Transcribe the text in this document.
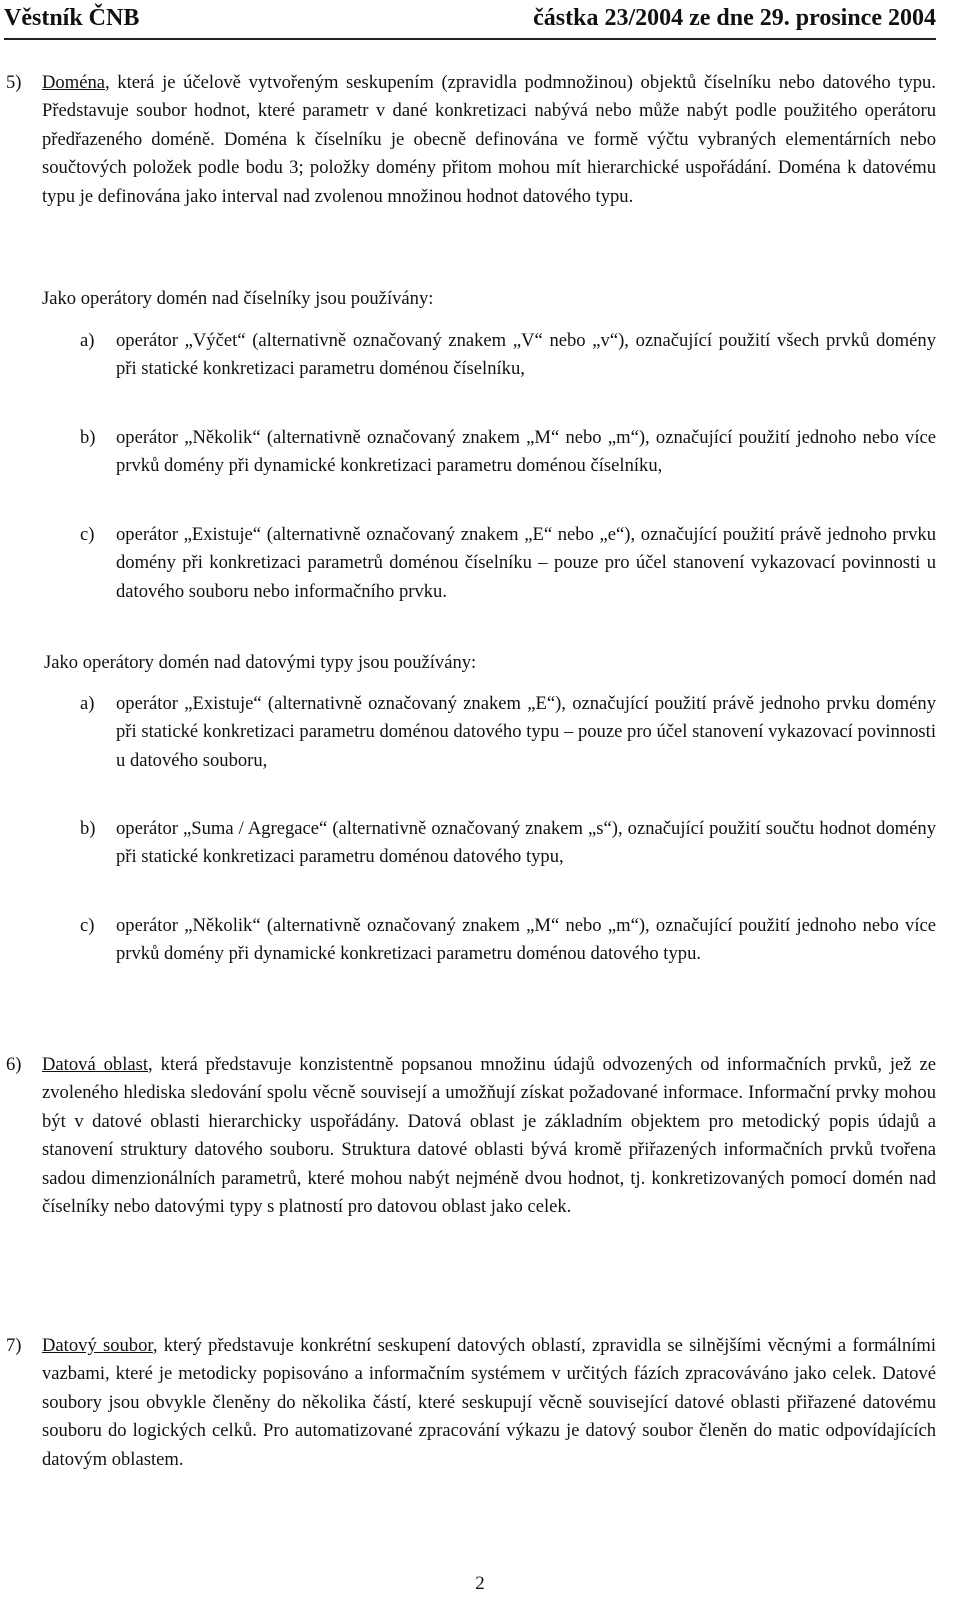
Věstník ČNB	částka 23/2004 ze dne 29. prosince 2004
5) Doména, která je účelově vytvořeným seskupením (zpravidla podmnožinou) objektů číselníku nebo datového typu. Představuje soubor hodnot, které parametr v dané konkretizaci nabývá nebo může nabýt podle použitého operátoru předřazeného doméně. Doména k číselníku je obecně definována ve formě výčtu vybraných elementárních nebo součtových položek podle bodu 3; položky domény přitom mohou mít hierarchické uspořádání. Doména k datovému typu je definována jako interval nad zvolenou množinou hodnot datového typu.

Jako operátory domén nad číselníky jsou používány:

a) operátor „Výčet“ (alternativně označovaný znakem „V“ nebo „v“), označující použití všech prvků domény při statické konkretizaci parametru doménou číselníku,

b) operátor „Několik“ (alternativně označovaný znakem „M“ nebo „m“), označující použití jednoho nebo více prvků domény při dynamické konkretizaci parametru doménou číselníku,

c) operátor „Existuje“ (alternativně označovaný znakem „E“ nebo „e“), označující použití právě jednoho prvku domény při konkretizaci parametrů doménou číselníku – pouze pro účel stanovení vykazovací povinnosti u datového souboru nebo informačního prvku.

Jako operátory domén nad datovými typy jsou používány:

a) operátor „Existuje“ (alternativně označovaný znakem „E“), označující použití právě jednoho prvku domény při statické konkretizaci parametru doménou datového typu – pouze pro účel stanovení vykazovací povinnosti u datového souboru,

b) operátor „Suma / Agregace“ (alternativně označovaný znakem „s“), označující použití součtu hodnot domény při statické konkretizaci parametru doménou datového typu,

c) operátor „Několik“ (alternativně označovaný znakem „M“ nebo „m“), označující použití jednoho nebo více prvků domény při dynamické konkretizaci parametru doménou datového typu.

6) Datová oblast, která představuje konzistentně popsanou množinu údajů odvozených od informačních prvků, jež ze zvoleného hlediska sledování spolu věcně souvisejí a umožňují získat požadované informace. Informační prvky mohou být v datové oblasti hierarchicky uspořádány. Datová oblast je základním objektem pro metodický popis údajů a stanovení struktury datového souboru. Struktura datové oblasti bývá kromě přiřazených informačních prvků tvořena sadou dimenzionálních parametrů, které mohou nabýt nejméně dvou hodnot, tj. konkretizovaných pomocí domén nad číselníky nebo datovými typy s platností pro datovou oblast jako celek.

7) Datový soubor, který představuje konkrétní seskupení datových oblastí, zpravidla se silnějšími věcnými a formálními vazbami, které je metodicky popisováno a informačním systémem v určitých fázích zpracováváno jako celek. Datové soubory jsou obvykle členěny do několika částí, které seskupují věcně související datové oblasti přiřazené datovému souboru do logických celků. Pro automatizované zpracování výkazu je datový soubor členěn do matic odpovídajících datovým oblastem.

2
